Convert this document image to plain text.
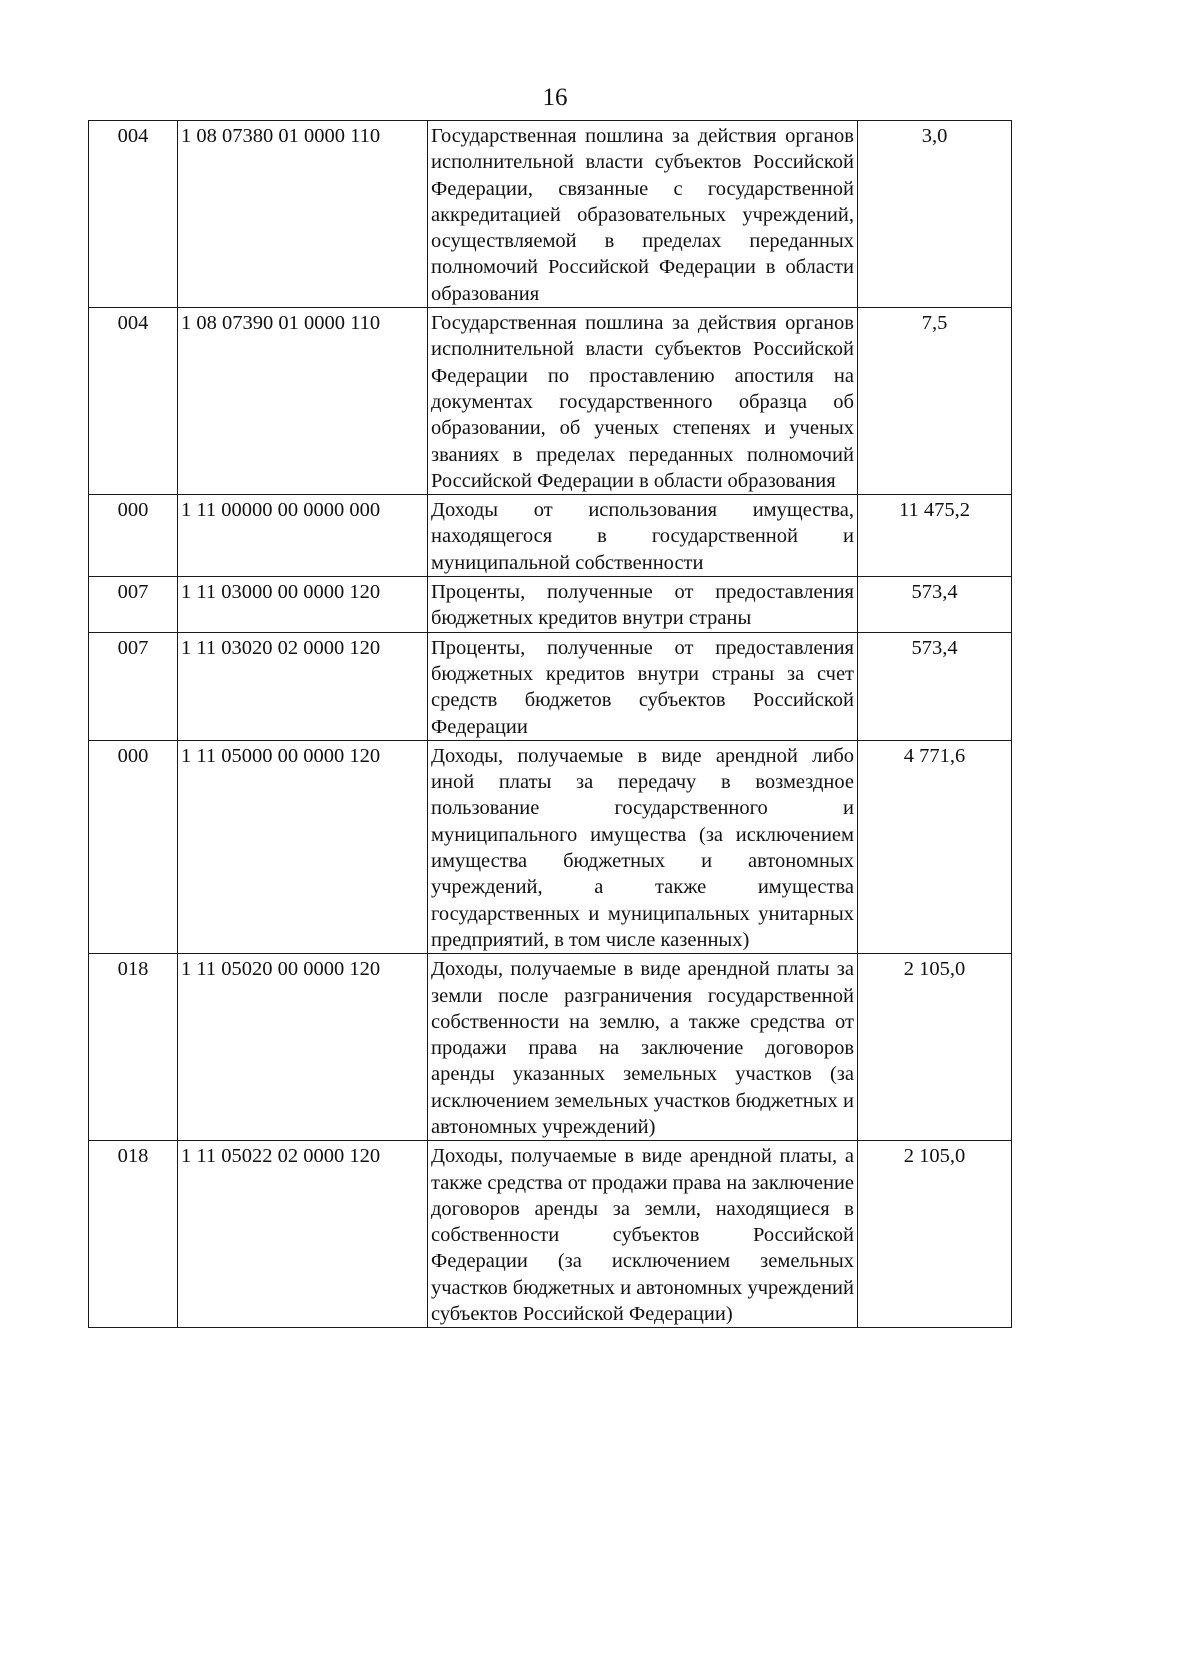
16
004	1 08 07380 01 0000 110	Государственная пошлина за действия органов исполнительной власти субъектов Российской Федерации, связанные с государственной аккредитацией образовательных учреждений, осуществляемой в пределах переданных полномочий Российской Федерации в области образования	3,0
004	1 08 07390 01 0000 110	Государственная пошлина за действия органов исполнительной власти субъектов Российской Федерации по проставлению апостиля на документах государственного образца об образовании, об ученых степенях и ученых званиях в пределах переданных полномочий Российской Федерации в области образования	7,5
000	1 11 00000 00 0000 000	Доходы от использования имущества, находящегося в государственной и муниципальной собственности	11 475,2
007	1 11 03000 00 0000 120	Проценты, полученные от предоставления бюджетных кредитов внутри страны	573,4
007	1 11 03020 02 0000 120	Проценты, полученные от предоставления бюджетных кредитов внутри страны за счет средств бюджетов субъектов Российской Федерации	573,4
000	1 11 05000 00 0000 120	Доходы, получаемые в виде арендной либо иной платы за передачу в возмездное пользование государственного и муниципального имущества (за исключением имущества бюджетных и автономных учреждений, а также имущества государственных и муниципальных унитарных предприятий, в том числе казенных)	4 771,6
018	1 11 05020 00 0000 120	Доходы, получаемые в виде арендной платы за земли после разграничения государственной собственности на землю, а также средства от продажи права на заключение договоров аренды указанных земельных участков (за исключением земельных участков бюджетных и автономных учреждений)	2 105,0
018	1 11 05022 02 0000 120	Доходы, получаемые в виде арендной платы, а также средства от продажи права на заключение договоров аренды за земли, находящиеся в собственности субъектов Российской Федерации (за исключением земельных участков бюджетных и автономных учреждений субъектов Российской Федерации)	2 105,0
